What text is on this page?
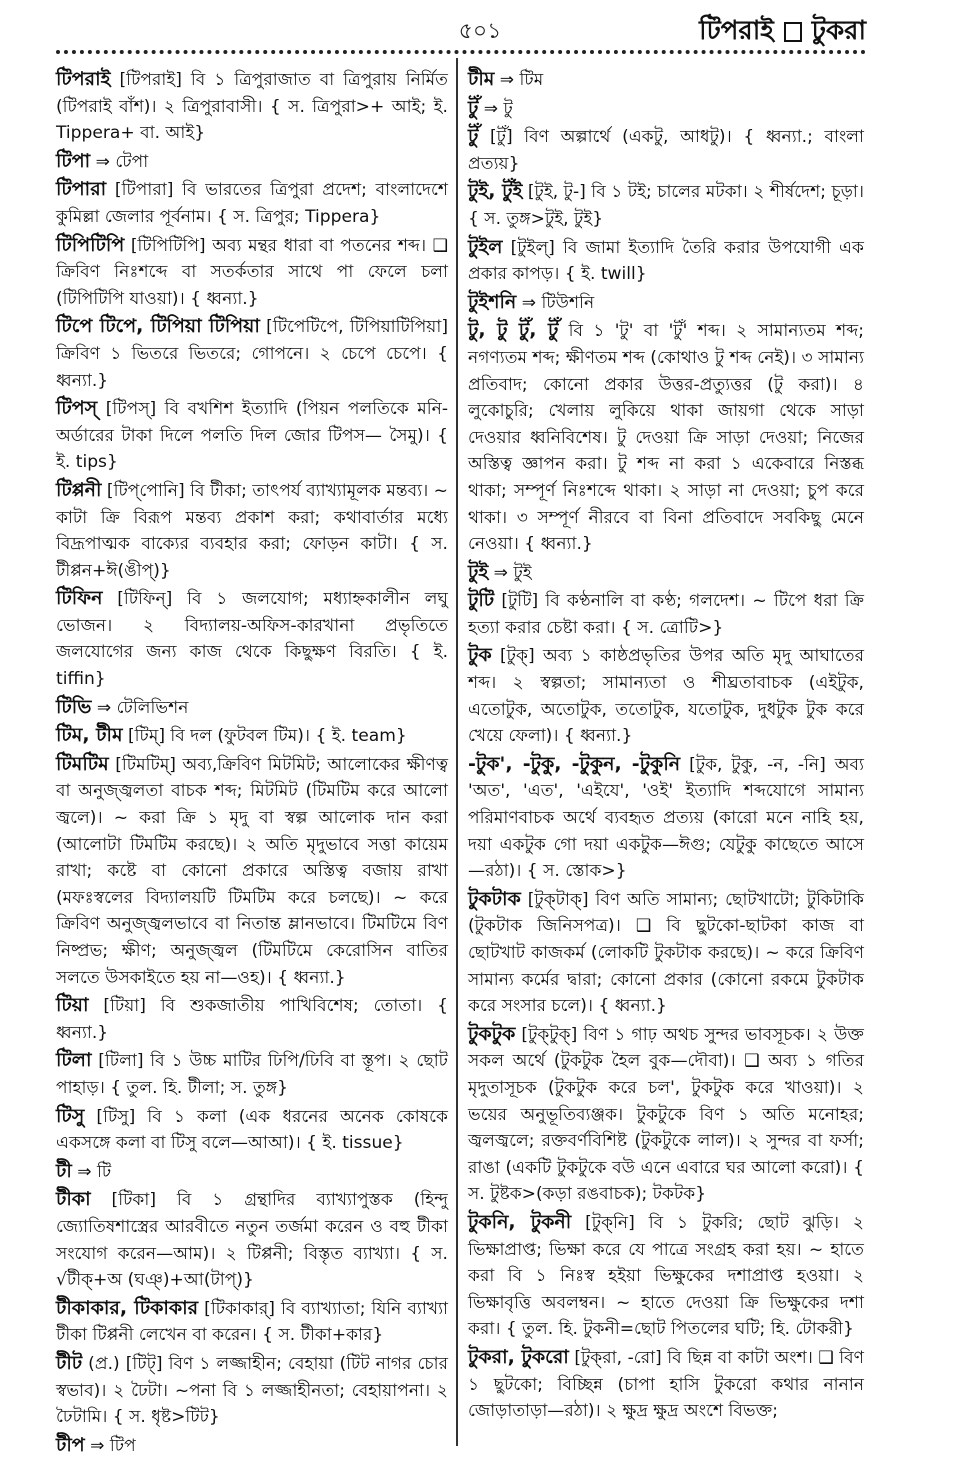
৫০১	টিপরাই টুকরা

টিপরাই [টিপরাই] বি ১ ত্রিপুরাজাত বা ত্রিপুরায় নির্মিত (টিপরাই বাঁশ)। ২ ত্রিপুরাবাসী। { স. ত্রিপুরা>+ আই; ই. Tippera+ বা. আই}

টিপা ⇒ টেপা

টিপারা [টিপারা] বি ভারতের ত্রিপুরা প্রদেশ; বাংলাদেশে কুমিল্লা জেলার পূর্বনাম। { স. ত্রিপুর; Tippera}

টিপিটিপি [টিপিটিপি] অব্য মন্থর ধারা বা পতনের শব্দ। ❑ ক্রিবিণ নিঃশব্দে বা সতর্কতার সাথে পা ফেলে চলা (টিপিটিপি যাওয়া)। { ধ্বন্যা.}

টিপে টিপে, টিপিয়া টিপিয়া [টিপেটিপে, টিপিয়াটিপিয়া] ক্রিবিণ ১ ভিতরে ভিতরে; গোপনে। ২ চেপে চেপে। { ধ্বন্যা.}

টিপস্ [টিপস্] বি বখশিশ ইত্যাদি (পিয়ন পলতিকে মনি-অর্ডারের টাকা দিলে পলতি দিল জোর টিপস— সৈমু)। { ই. tips}

টিপ্পনী [টিপ্‌পোনি] বি টীকা; তাৎপর্য ব্যাখ্যামূলক মন্তব্য। ~ কাটা ক্রি বিরূপ মন্তব্য প্রকাশ করা; কথাবার্তার মধ্যে বিদ্রূপাত্মক বাক্যের ব্যবহার করা; ফোড়ন কাটা। { স. টীপ্পন+ঈ(ঙীপ্)}

টিফিন [টিফিন্] বি ১ জলযোগ; মধ্যাহ্নকালীন লঘু ভোজন। ২ বিদ্যালয়-অফিস-কারখানা প্রভৃতিতে জলযোগের জন্য কাজ থেকে কিছুক্ষণ বিরতি। { ই. tiffin}

টিভি ⇒ টেলিভিশন

টিম, টীম [টিম্] বি দল (ফুটবল টিম)। { ই. team}

টিমটিম [টিমটিম্] অব্য,ক্রিবিণ মিটমিট; আলোকের ক্ষীণত্ব বা অনুজ্জ্বলতা বাচক শব্দ; মিটমিট (টিমটিম করে আলো জ্বলে)। ~ করা ক্রি ১ মৃদু বা স্বল্প আলোক দান করা (আলোটা টিমটিম করছে)। ২ অতি মৃদুভাবে সত্তা কায়েম রাখা; কষ্টে বা কোনো প্রকারে অস্তিত্ব বজায় রাখা (মফঃস্বলের বিদ্যালয়টি টিমটিম করে চলছে)। ~ করে ক্রিবিণ অনুজ্জ্বলভাবে বা নিতান্ত ম্লানভাবে। টিমটিমে বিণ নিষ্প্রভ; ক্ষীণ; অনুজ্জ্বল (টিমটিমে কেরোসিন বাতির সলতে উসকাইতে হয় না—ওহ)। { ধ্বন্যা.}

টিয়া [টিয়া] বি শুকজাতীয় পাখিবিশেষ; তোতা। { ধ্বন্যা.}

টিলা [টিলা] বি ১ উচ্চ মাটির ঢিপি/ঢিবি বা স্তূপ। ২ ছোট পাহাড়। { তুল. হি. টীলা; স. তুঙ্গ}

টিসু [টিসু] বি ১ কলা (এক ধরনের অনেক কোষকে একসঙ্গে কলা বা টিসু বলে—আআ)। { ই. tissue}

টী ⇒ টি

টীকা [টিকা] বি ১ গ্রন্থাদির ব্যাখ্যাপুস্তক (হিন্দু জ্যোতিষশাস্ত্রের আরবীতে নতুন তর্জমা করেন ও বহু টীকা সংযোগ করেন—আম)। ২ টিপ্পনী; বিস্তৃত ব্যাখ্যা। { স. √টীক্+অ (ঘঞ্)+আ(টাপ্)}

টীকাকার, টিকাকার [টিকাকার্] বি ব্যাখ্যাতা; যিনি ব্যাখ্যা টীকা টিপ্পনী লেখেন বা করেন। { স. টীকা+কার}

টীট (প্র.) [টিট্] বিণ ১ লজ্জাহীন; বেহায়া (টিট নাগর চোর স্বভাব)। ২ ঢৈটা। ~পনা বি ১ লজ্জাহীনতা; বেহায়াপনা। ২ ঢৈটামি। { স. ধৃষ্ট>টিট}

টীপ ⇒ টিপ

টীম ⇒ টিম

টুঁ ⇒ টু

টুঁ [টুঁ] বিণ অল্পার্থে (একটু, আধটু)। { ধ্বন্যা.; বাংলা প্রত্যয়}

টুই, টুঁই [টুই, টু-] বি ১ টই; চালের মটকা। ২ শীর্ষদেশ; চূড়া। { স. তুঙ্গ>টুই, টুই}

টুইল [টুইল্] বি জামা ইত্যাদি তৈরি করার উপযোগী এক প্রকার কাপড়। { ই. twill}

টুইশনি ⇒ টিউশনি

টু, টু টুঁ, টুঁ বি ১ 'টু' বা 'টুঁ' শব্দ। ২ সামান্যতম শব্দ; নগণ্যতম শব্দ; ক্ষীণতম শব্দ (কোথাও টু শব্দ নেই)। ৩ সামান্য প্রতিবাদ; কোনো প্রকার উত্তর-প্রত্যুত্তর (টু করা)। ৪ লুকোচুরি; খেলায় লুকিয়ে থাকা জায়গা থেকে সাড়া দেওয়ার ধ্বনিবিশেষ। টু দেওয়া ক্রি সাড়া দেওয়া; নিজের অস্তিত্ব জ্ঞাপন করা। টু শব্দ না করা ১ একেবারে নিস্তব্ধ থাকা; সম্পূর্ণ নিঃশব্দে থাকা। ২ সাড়া না দেওয়া; চুপ করে থাকা। ৩ সম্পূর্ণ নীরবে বা বিনা প্রতিবাদে সবকিছু মেনে নেওয়া। { ধ্বন্যা.}

টুই ⇒ টুই

টুটি [টুটি] বি কণ্ঠনালি বা কণ্ঠ; গলদেশ। ~ টিপে ধরা ক্রি হত্যা করার চেষ্টা করা। { স. ত্রোটি>}

টুক [টুক্] অব্য ১ কাষ্ঠপ্রভৃতির উপর অতি মৃদু আঘাতের শব্দ। ২ স্বল্পতা; সামান্যতা ও শীঘ্রতাবাচক (এইটুক, এতোটুক, অতোটুক, ততোটুক, যতোটুক, দুধটুক টুক করে খেয়ে ফেলা)। { ধ্বন্যা.}

-টুক', -টুকু, -টুকুন, -টুকুনি [টুক, টুকু, -ন, -নি] অব্য 'অত', 'এত', 'এইযে', 'ওই' ইত্যাদি শব্দযোগে সামান্য পরিমাণবাচক অর্থে ব্যবহৃত প্রত্যয় (কারো মনে নাহি হয়, দয়া একটুক গো দয়া একটুক—ঈগু; যেটুকু কাছেতে আসে—রঠা)। { স. স্তোক>}

টুকটাক [টুক্‌টাক্] বিণ অতি সামান্য; ছোটখাটো; টুকিটাকি (টুকটাক জিনিসপত্র)। ❑ বি ছুটকো-ছাটকা কাজ বা ছোটখাট কাজকর্ম (লোকটি টুকটাক করছে)। ~ করে ক্রিবিণ সামান্য কর্মের দ্বারা; কোনো প্রকার (কোনো রকমে টুকটাক করে সংসার চলে)। { ধ্বন্যা.}

টুকটুক [টুক্‌টুক্] বিণ ১ গাঢ় অথচ সুন্দর ভাবসূচক। ২ উক্ত সকল অর্থে (টুকটুক হৈল বুক—দৌবা)। ❑ অব্য ১ গতির মৃদুতাসূচক (টুকটুক করে চল', টুকটুক করে খাওয়া)। ২ ভয়ের অনুভূতিব্যঞ্জক। টুকটুকে বিণ ১ অতি মনোহর; জ্বলজ্বলে; রক্তবর্ণবিশিষ্ট (টুকটুকে লাল)। ২ সুন্দর বা ফর্সা; রাঙা (একটি টুকটুকে বউ এনে এবারে ঘর আলো করো)। { স. টুষ্টক>(কড়া রঙবাচক); টকটক}

টুকনি, টুকনী [টুক্‌নি] বি ১ টুকরি; ছোট ঝুড়ি। ২ ভিক্ষাপ্রাপ্ত; ভিক্ষা করে যে পাত্রে সংগ্রহ করা হয়। ~ হাতে করা বি ১ নিঃস্ব হইয়া ভিক্ষুকের দশাপ্রাপ্ত হওয়া। ২ ভিক্ষাবৃত্তি অবলম্বন। ~ হাতে দেওয়া ক্রি ভিক্ষুকের দশা করা। { তুল. হি. টুকনী=ছোট পিতলের ঘটি; হি. টোকরী}

টুকরা, টুকরো [টুক্‌রা, -রো] বি ছিন্ন বা কাটা অংশ। ❑ বিণ ১ ছুটকো; বিচ্ছিন্ন (চাপা হাসি টুকরো কথার নানান জোড়াতাড়া—রঠা)। ২ ক্ষুদ্র ক্ষুদ্র অংশে বিভক্ত;
